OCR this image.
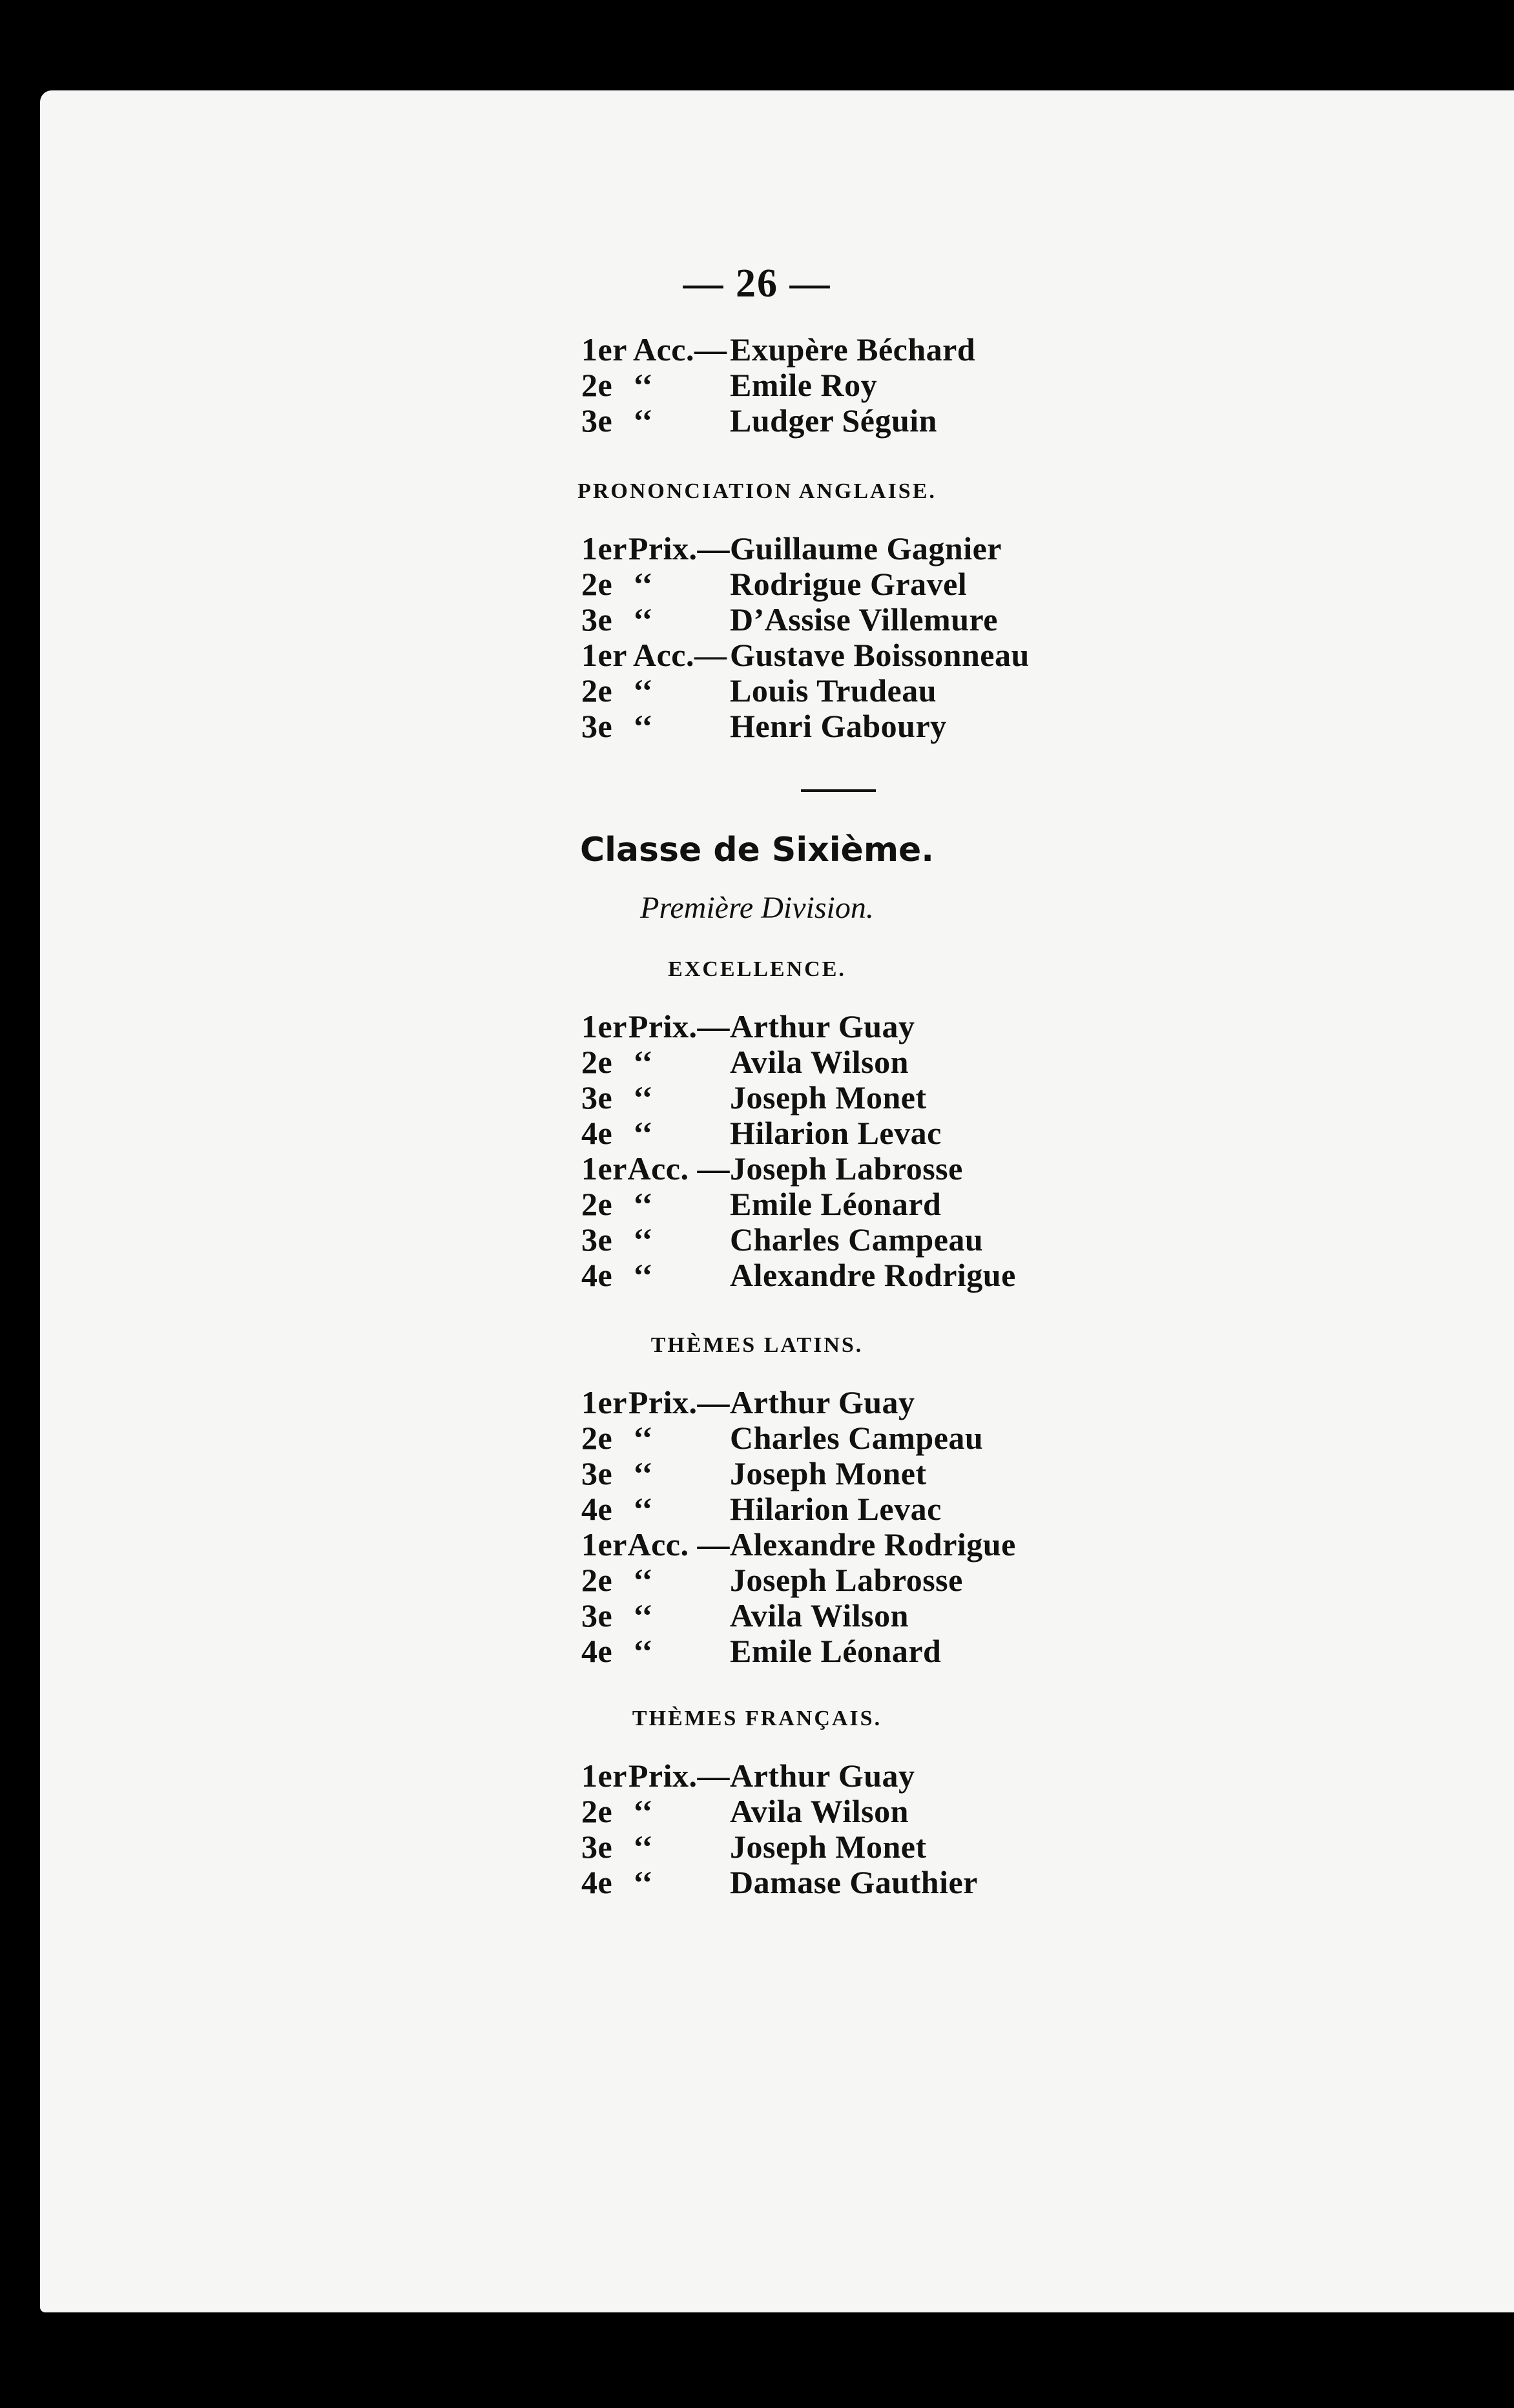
— 26 —
1er Acc.— Exupère Béchard
2e ‘‘ Emile Roy
3e ‘‘ Ludger Séguin
PRONONCIATION ANGLAISE.
1er Prix.— Guillaume Gagnier
2e ‘‘ Rodrigue Gravel
3e ‘‘ D’Assise Villemure
1er Acc.— Gustave Boissonneau
2e ‘‘ Louis Trudeau
3e ‘‘ Henri Gaboury
Classe de Sixième.
Première Division.
EXCELLENCE.
1er Prix.— Arthur Guay
2e ‘‘ Avila Wilson
3e ‘‘ Joseph Monet
4e ‘‘ Hilarion Levac
1er Acc. — Joseph Labrosse
2e ‘‘ Emile Léonard
3e ‘‘ Charles Campeau
4e ‘‘ Alexandre Rodrigue
THÈMES LATINS.
1er Prix.— Arthur Guay
2e ‘‘ Charles Campeau
3e ‘‘ Joseph Monet
4e ‘‘ Hilarion Levac
1er Acc. — Alexandre Rodrigue
2e ‘‘ Joseph Labrosse
3e ‘‘ Avila Wilson
4e ‘‘ Emile Léonard
THÈMES FRANÇAIS.
1er Prix.— Arthur Guay
2e ‘‘ Avila Wilson
3e ‘‘ Joseph Monet
4e ‘‘ Damase Gauthier
